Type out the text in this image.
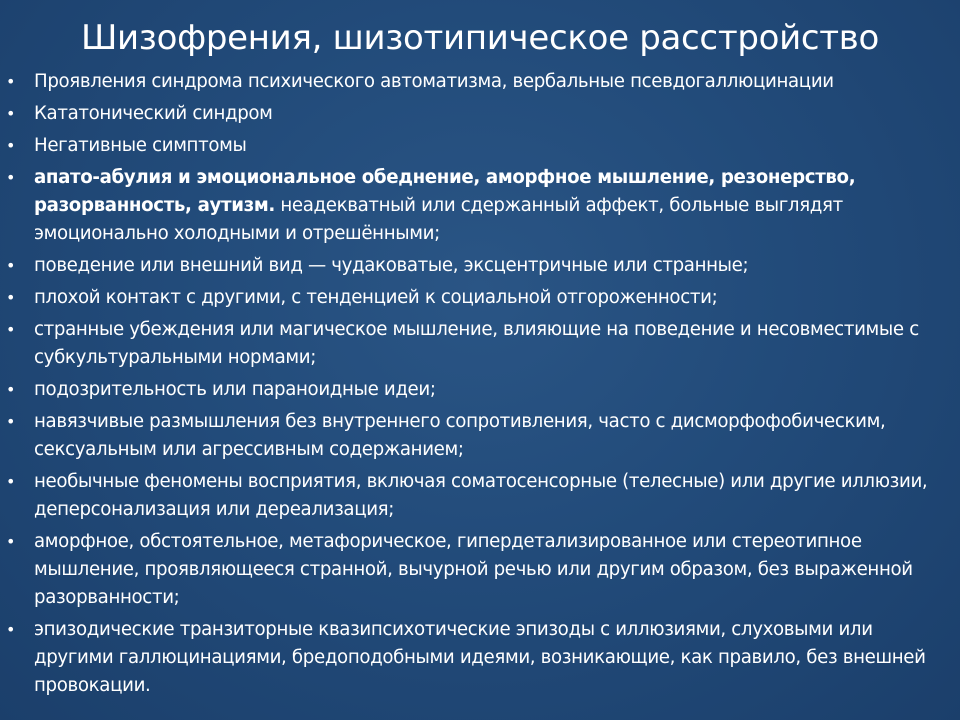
Шизофрения, шизотипическое расстройство
• Проявления синдрома психического автоматизма, вербальные псевдогаллюцинации
• Кататонический синдром
• Негативные симптомы
• апато-абулия и эмоциональное обеднение, аморфное мышление, резонерство, разорванность, аутизм. неадекватный или сдержанный аффект, больные выглядят эмоционально холодными и отрешёнными;
• поведение или внешний вид — чудаковатые, эксцентричные или странные;
• плохой контакт с другими, с тенденцией к социальной отгороженности;
• странные убеждения или магическое мышление, влияющие на поведение и несовместимые с субкультуральными нормами;
• подозрительность или параноидные идеи;
• навязчивые размышления без внутреннего сопротивления, часто с дисморфофобическим, сексуальным или агрессивным содержанием;
• необычные феномены восприятия, включая соматосенсорные (телесные) или другие иллюзии, деперсонализация или дереализация;
• аморфное, обстоятельное, метафорическое, гипердетализированное или стереотипное мышление, проявляющееся странной, вычурной речью или другим образом, без выраженной разорванности;
• эпизодические транзиторные квазипсихотические эпизоды с иллюзиями, слуховыми или другими галлюцинациями, бредоподобными идеями, возникающие, как правило, без внешней провокации.
